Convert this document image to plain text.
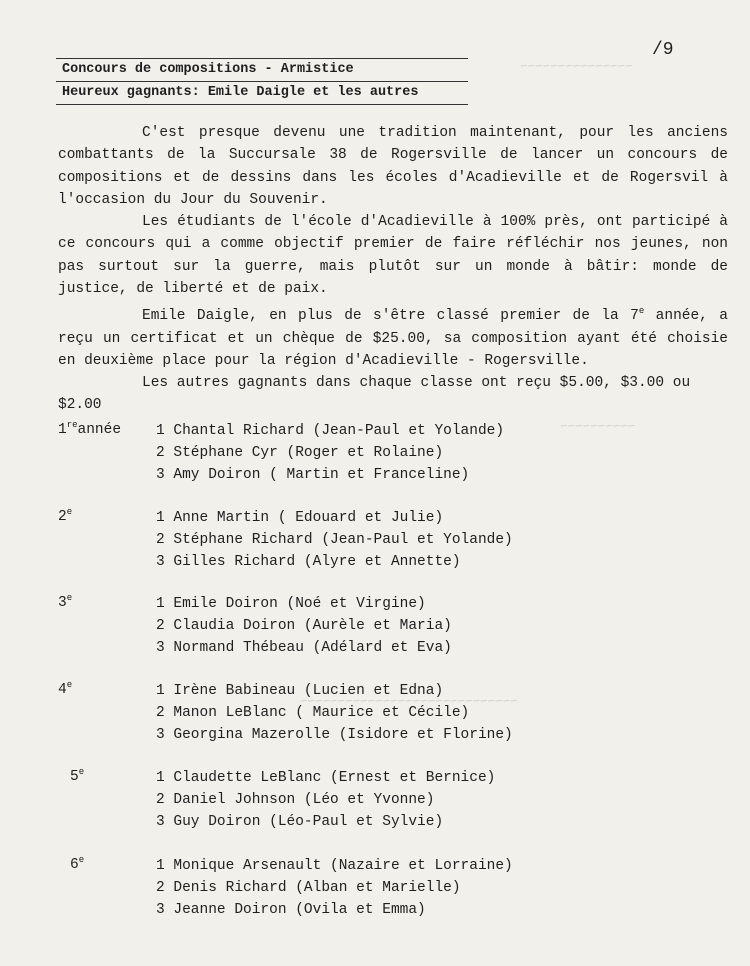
~~~~~~~~~~~~~~~
~~~~~~~~~~
~~~~~~~~~~~~~~~~~~~~~~~~~~~~~
/9
Concours de compositions - Armistice
Heureux gagnants: Emile Daigle et les autres

C'est presque devenu une tradition maintenant, pour les anciens combattants de la Succursale 38 de Rogersville de lancer un concours de compositions et de dessins dans les écoles d'Acadieville et de Rogersvil à l'occasion du Jour du Souvenir.

Les étudiants de l'école d'Acadieville à 100% près, ont participé à ce concours qui a comme objectif premier de faire réfléchir nos jeunes, non pas surtout sur la guerre, mais plutôt sur un monde à bâtir: monde de justice, de liberté et de paix.

Emile Daigle, en plus de s'être classé premier de la 7e année, a reçu un certificat et un chèque de $25.00, sa composition ayant été choisie en deuxième place pour la région d'Acadieville - Rogersville.

Les autres gagnants dans chaque classe ont reçu $5.00, $3.00 ou

$2.00
1reannée 1 Chantal Richard (Jean-Paul et Yolande)
2 Stéphane Cyr (Roger et Rolaine)
3 Amy Doiron ( Martin et Franceline)
2e	1 Anne Martin ( Edouard et Julie)
2 Stéphane Richard (Jean-Paul et Yolande)
3 Gilles Richard (Alyre et Annette)
3e	1 Emile Doiron (Noé et Virgine)
2 Claudia Doiron (Aurèle et Maria)
3 Normand Thébeau (Adélard et Eva)
4e	1 Irène Babineau (Lucien et Edna)
2 Manon LeBlanc ( Maurice et Cécile)
3 Georgina Mazerolle (Isidore et Florine)
5e	1 Claudette LeBlanc (Ernest et Bernice)
2 Daniel Johnson (Léo et Yvonne)
3 Guy Doiron (Léo-Paul et Sylvie)
6e	1 Monique Arsenault (Nazaire et Lorraine)
2 Denis Richard (Alban et Marielle)
3 Jeanne Doiron (Ovila et Emma)
